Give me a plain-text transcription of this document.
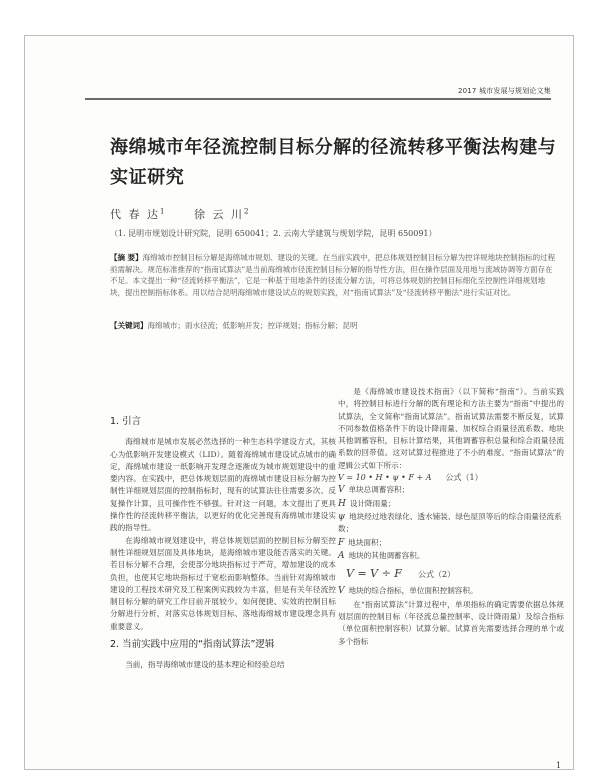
2017 城市发展与规划论文集
海绵城市年径流控制目标分解的径流转移平衡法构建与实证研究
代 春 达$^1$	徐 云 川$^2$
（1. 昆明市规划设计研究院，昆明 650041；2. 云南大学建筑与规划学院，昆明 650091）
【摘 要】海绵城市控制目标分解是海绵城市规划、建设的关键。在当前实践中，把总体规划控制目标分解为控详规地块控制指标的过程亟需解决。规范标准推荐的“指南试算法”是当前海绵城市径流控制目标分解的指导性方法，但在操作层面及用地与流域协调等方面存在不足。本文提出一种“径流转移平衡法”，它是一种基于用地条件的径流分解方法，可将总体规划的控制目标细化至控制性详细规划地块，提出控制指标体系。用以结合昆明海绵城市建设试点的规划实践，对“指南试算法”及“径流转移平衡法”进行实证对比。
【关键词】海绵城市；雨水径流；低影响开发；控详规划；指标分解；昆明
1. 引言

海绵城市是城市发展必然选择的一种生态科学建设方式，其核心为低影响开发建设模式（LID）。随着海绵城市建设试点城市的确定，海绵城市建设一纸影响开发理念逐渐成为城市规划建设中的重要内容。在实践中，把总体规划层面的海绵城市建设目标分解为控制性详细规划层面的控制指标时，现有的试算法往往需要多次、反复操作计算，且可操作性不够强。针对这一问题，本文提出了更具操作性的径流转移平衡法，以更好的优化完善现有海绵城市建设实践的指导性。

在海绵城市规划建设中，将总体规划层面的控制目标分解至控制性详细规划层面及具体地块，是海绵城市建设能否落实的关键。若目标分解不合理，会使部分地块指标过于严苛，增加建设的成本负担，也使其它地块指标过于宽松而影响整体。当前针对海绵城市建设的工程技术研究及工程案例实践较为丰富，但是有关年径流控制目标分解的研究工作目前开展较少。如何便捷、实效的控制目标分解进行分析，对落实总体规划目标、落地海绵城市建设理念具有重要意义。

2. 当前实践中应用的“指南试算法”逻辑

当前，指导海绵城市建设的基本理论和经验总结

是《海绵城市建设技术指南》（以下简称“指南”）。当前实践中，将控制目标进行分解的既有理论和方法主要为“指南”中提出的试算法，全文简称“指南试算法”。指南试算法需要不断反复，试算不同参数值格条件下的设计降雨量、加权综合雨量径流系数、地块其他调蓄容积，目标计算结果，其他调蓄容积总量和综合雨量径流系数的回带值。这对试算过程推进了不小的难度。“指南试算法”的逻辑公式如下所示：

V = 10 • H • ψ • F + A 公式（1）

V 单块总调蓄容积；

H 设计降雨量；

ψ 地块经过地表绿化、透水铺装、绿色屋顶等后的综合雨量径流系数；

F 地块面积；

A 地块的其他调蓄容积。

V = V ÷ F 公式（2）

V 地块的综合指标，单位面积控制容积。

在“指南试算法”计算过程中，单项指标的确定需要依据总体规划层面的控制目标（年径流总量控制率、设计降雨量）及综合指标（单位面积控制容积）试算分解。试算首先需要选择合理的单个或多个指标

1
